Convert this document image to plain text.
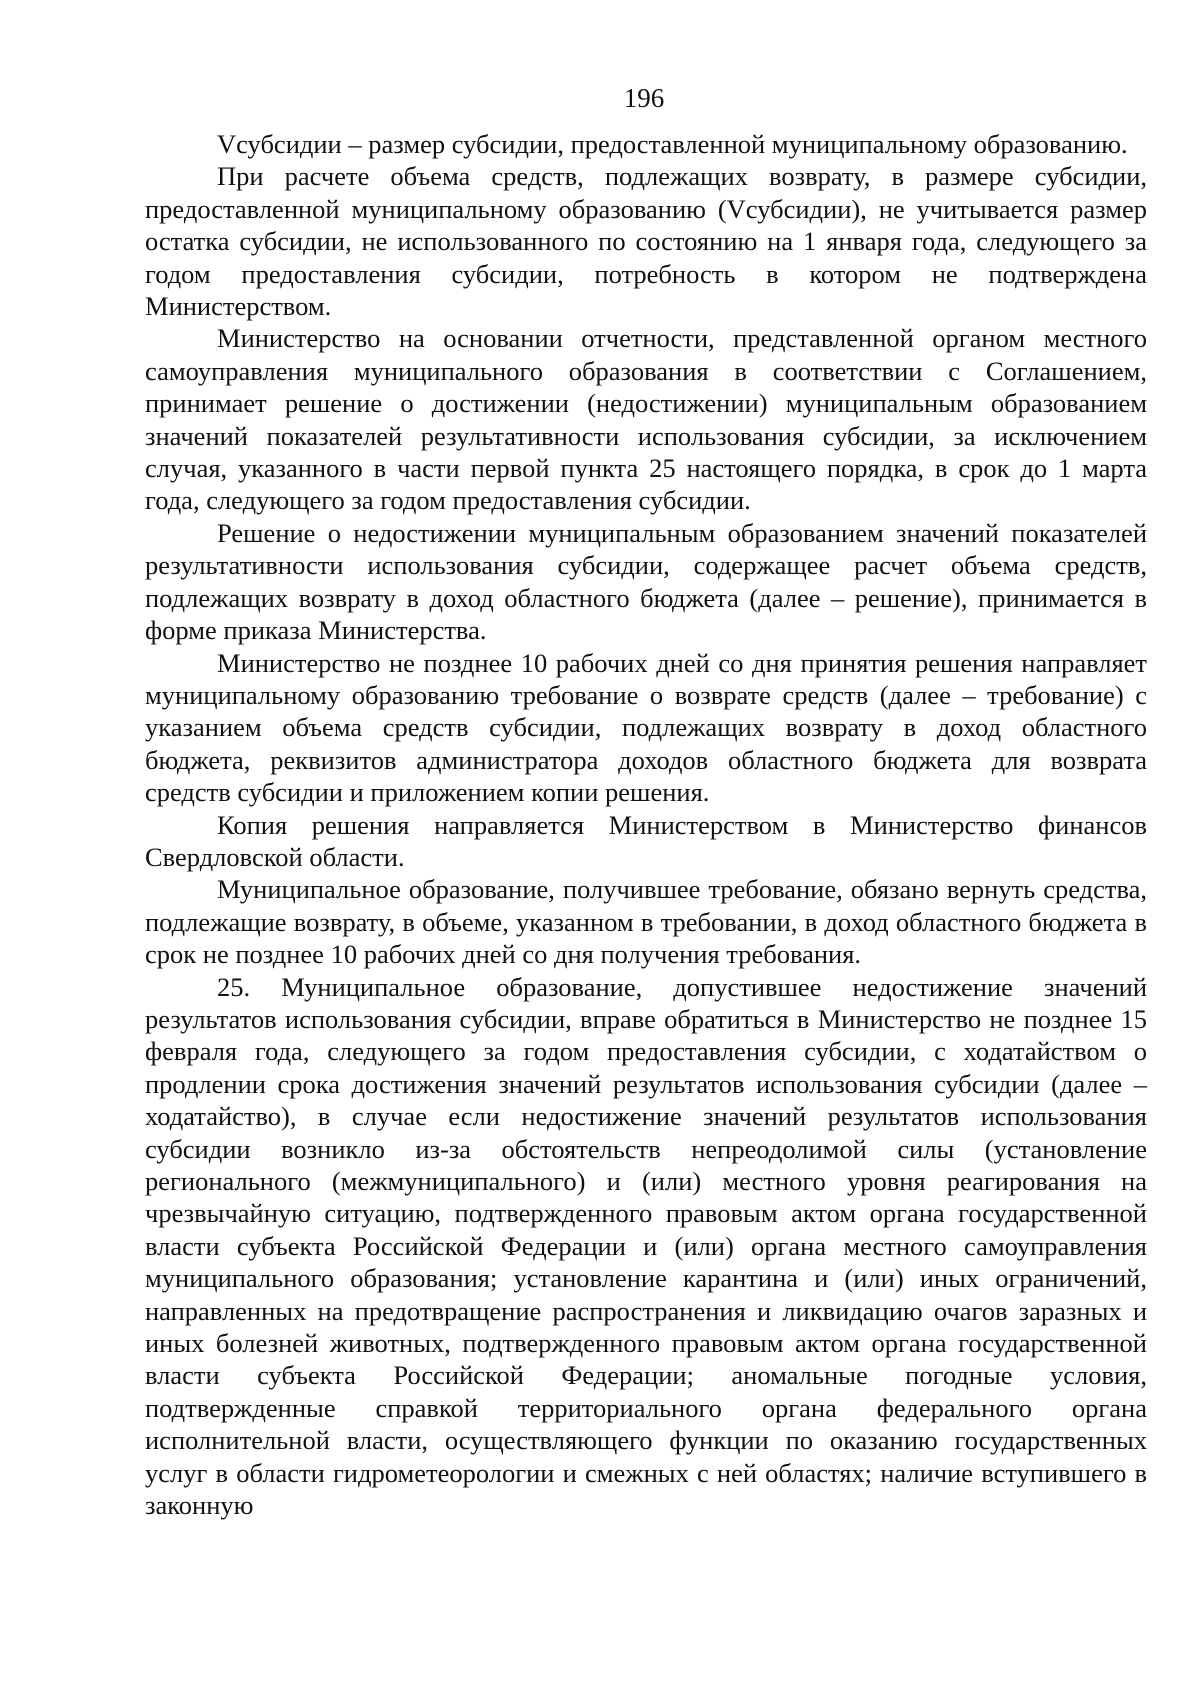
196

Vсубсидии – размер субсидии, предоставленной муниципальному образованию.

При расчете объема средств, подлежащих возврату, в размере субсидии, предоставленной муниципальному образованию (Vсубсидии), не учитывается размер остатка субсидии, не использованного по состоянию на 1 января года, следующего за годом предоставления субсидии, потребность в котором не подтверждена Министерством.

Министерство на основании отчетности, представленной органом местного самоуправления муниципального образования в соответствии с Соглашением, принимает решение о достижении (недостижении) муниципальным образованием значений показателей результативности использования субсидии, за исключением случая, указанного в части первой пункта 25 настоящего порядка, в срок до 1 марта года, следующего за годом предоставления субсидии.

Решение о недостижении муниципальным образованием значений показателей результативности использования субсидии, содержащее расчет объема средств, подлежащих возврату в доход областного бюджета (далее – решение), принимается в форме приказа Министерства.

Министерство не позднее 10 рабочих дней со дня принятия решения направляет муниципальному образованию требование о возврате средств (далее – требование) с указанием объема средств субсидии, подлежащих возврату в доход областного бюджета, реквизитов администратора доходов областного бюджета для возврата средств субсидии и приложением копии решения.

Копия решения направляется Министерством в Министерство финансов Свердловской области.

Муниципальное образование, получившее требование, обязано вернуть средства, подлежащие возврату, в объеме, указанном в требовании, в доход областного бюджета в срок не позднее 10 рабочих дней со дня получения требования.

25. Муниципальное образование, допустившее недостижение значений результатов использования субсидии, вправе обратиться в Министерство не позднее 15 февраля года, следующего за годом предоставления субсидии, с ходатайством о продлении срока достижения значений результатов использования субсидии (далее – ходатайство), в случае если недостижение значений результатов использования субсидии возникло из-за обстоятельств непреодолимой силы (установление регионального (межмуниципального) и (или) местного уровня реагирования на чрезвычайную ситуацию, подтвержденного правовым актом органа государственной власти субъекта Российской Федерации и (или) органа местного самоуправления муниципального образования; установление карантина и (или) иных ограничений, направленных на предотвращение распространения и ликвидацию очагов заразных и иных болезней животных, подтвержденного правовым актом органа государственной власти субъекта Российской Федерации; аномальные погодные условия, подтвержденные справкой территориального органа федерального органа исполнительной власти, осуществляющего функции по оказанию государственных услуг в области гидрометеорологии и смежных с ней областях; наличие вступившего в законную
